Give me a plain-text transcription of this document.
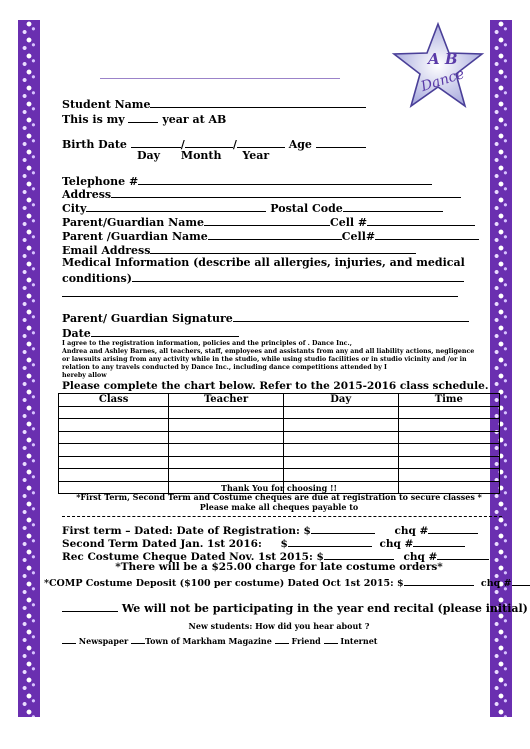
A B
Dance
Student Name
This is my	year at AB
Birth Date	/	/	Age
Day Month Year
Telephone #
Address
City	Postal Code
Parent/Guardian Name	Cell #
Parent /Guardian Name	Cell#
Email Address
Medical Information (describe all allergies, injuries, and medical
conditions)
Parent/ Guardian Signature
Date
I agree to the registration information, policies and the principles of . Dance Inc.,
Andrea and Ashley Barnes, all teachers, staff, employees and assistants from any and all liability actions, negligence
or lawsuits arising from any activity while in the studio, while using studio facilities or in studio vicinity and /or in
relation to any travels conducted by Dance Inc., including dance competitions attended by I
hereby allow
Please complete the chart below. Refer to the 2015-2016 class schedule.
Class	Teacher	Day	Time

Thank You for choosing !!
*First Term, Second Term and Costume cheques are due at registration to secure classes *
Please make all cheques payable to
First term – Dated: Date of Registration: $	chq #
Second Term Dated Jan. 1st 2016: $	chq #
Rec Costume Cheque Dated Nov. 1st 2015: $	chq #
*There will be a $25.00 charge for late costume orders*
*COMP Costume Deposit ($100 per costume) Dated Oct 1st 2015: $	chq #
We will not be participating in the year end recital (please initial)
New students: How did you hear about ?
Newspaper Town of Markham Magazine Friend Internet
